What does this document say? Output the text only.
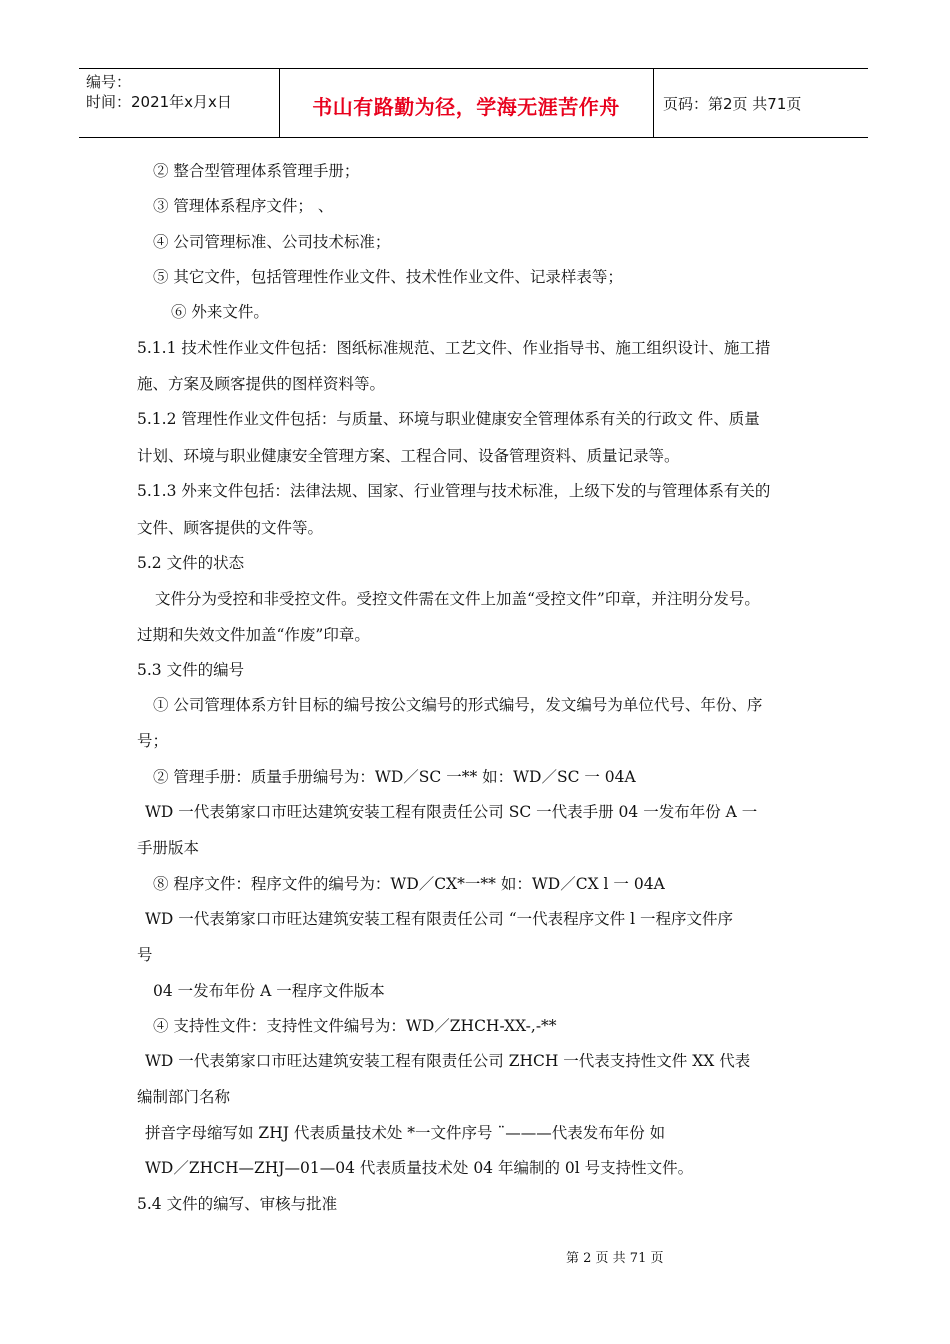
编号：
时间：2021年x月x日	书山有路勤为径，学海无涯苦作舟	页码：第2页 共71页
② 整合型管理体系管理手册；
③ 管理体系程序文件； 、
④ 公司管理标准、公司技术标准；
⑤ 其它文件，包括管理性作业文件、技术性作业文件、记录样表等；
⑥ 外来文件。
5.1.1 技术性作业文件包括：图纸标准规范、工艺文件、作业指导书、施工组织设计、施工措
施、方案及顾客提供的图样资料等。
5.1.2 管理性作业文件包括：与质量、环境与职业健康安全管理体系有关的行政文 件、质量
计划、环境与职业健康安全管理方案、工程合同、设备管理资料、质量记录等。
5.1.3 外来文件包括：法律法规、国家、行业管理与技术标准，上级下发的与管理体系有关的
文件、顾客提供的文件等。
5.2 文件的状态
文件分为受控和非受控文件。受控文件需在文件上加盖“受控文件”印章，并注明分发号。
过期和失效文件加盖“作废”印章。
5.3 文件的编号
① 公司管理体系方针目标的编号按公文编号的形式编号，发文编号为单位代号、年份、序
号；
② 管理手册：质量手册编号为：WD／SC 一** 如：WD／SC 一 04A
WD 一代表第家口市旺达建筑安装工程有限责任公司 SC 一代表手册 04 一发布年份 A 一
手册版本
⑧ 程序文件：程序文件的编号为：WD／CX*一** 如：WD／CX l 一 04A
WD 一代表第家口市旺达建筑安装工程有限责任公司 “一代表程序文件 l 一程序文件序
号
04 一发布年份 A 一程序文件版本
④ 支持性文件：支持性文件编号为：WD／ZHCH-XX-,-**
WD 一代表第家口市旺达建筑安装工程有限责任公司 ZHCH 一代表支持性文件 XX 代表
编制部门名称
拼音字母缩写如 ZHJ 代表质量技术处 *一文件序号 ¨———代表发布年份 如
WD／ZHCH—ZHJ—01—04 代表质量技术处 04 年编制的 0l 号支持性文件。
5.4 文件的编写、审核与批准
第 2 页 共 71 页
